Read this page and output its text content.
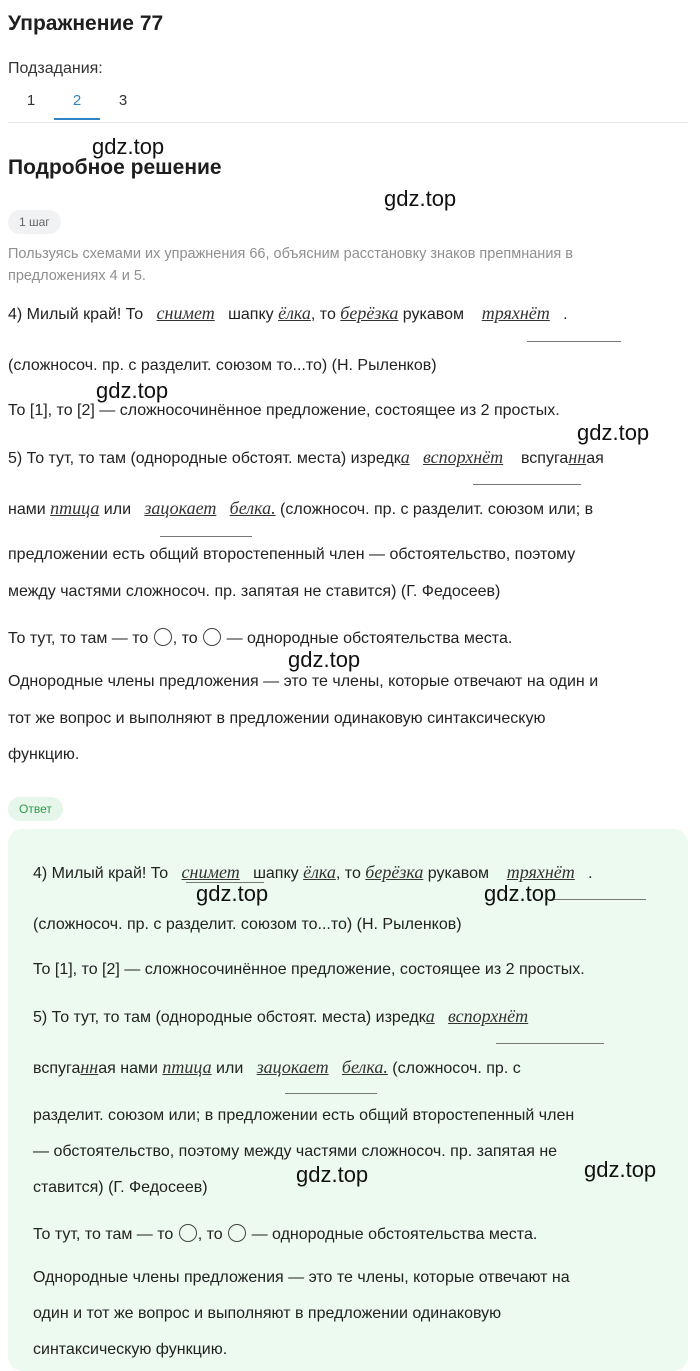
Упражнение 77
Подзадания:
1	2	3
Подробное решение
1 шаг
Пользуясь схемами их упражнения 66, объясним расстановку знаков препмнания в
предложениях 4 и 5.
4) Милый край! То снимет шапку ёлка, то берёзка рукавом тряхнёт .
(сложносоч. пр. с разделит. союзом то...то) (Н. Рыленков)
То [1], то [2] — сложносочинённое предложение, состоящее из 2 простых.
5) То тут, то там (однородные обстоят. места) изредка вспорхнёт вспуганная
нами птица или зацокает белка. (сложносоч. пр. с разделит. союзом или; в
предложении есть общий второстепенный член — обстоятельство, поэтому
между частями сложносоч. пр. запятая не ставится) (Г. Федосеев)
То тут, то там — то , то — однородные обстоятельства места.
Однородные члены предложения — это те члены, которые отвечают на один и
тот же вопрос и выполняют в предложении одинаковую синтаксическую
функцию.
Ответ
4) Милый край! То снимет шапку ёлка, то берёзка рукавом тряхнёт .
(сложносоч. пр. с разделит. союзом то...то) (Н. Рыленков)
То [1], то [2] — сложносочинённое предложение, состоящее из 2 простых.
5) То тут, то там (однородные обстоят. места) изредка вспорхнёт
вспуганная нами птица или зацокает белка. (сложносоч. пр. с
разделит. союзом или; в предложении есть общий второстепенный член
— обстоятельство, поэтому между частями сложносоч. пр. запятая не
ставится) (Г. Федосеев)
То тут, то там — то , то — однородные обстоятельства места.
Однородные члены предложения — это те члены, которые отвечают на
один и тот же вопрос и выполняют в предложении одинаковую
синтаксическую функцию.
gdz.top
gdz.top
gdz.top
gdz.top
gdz.top
gdz.top	gdz.top
gdz.top	gdz.top
